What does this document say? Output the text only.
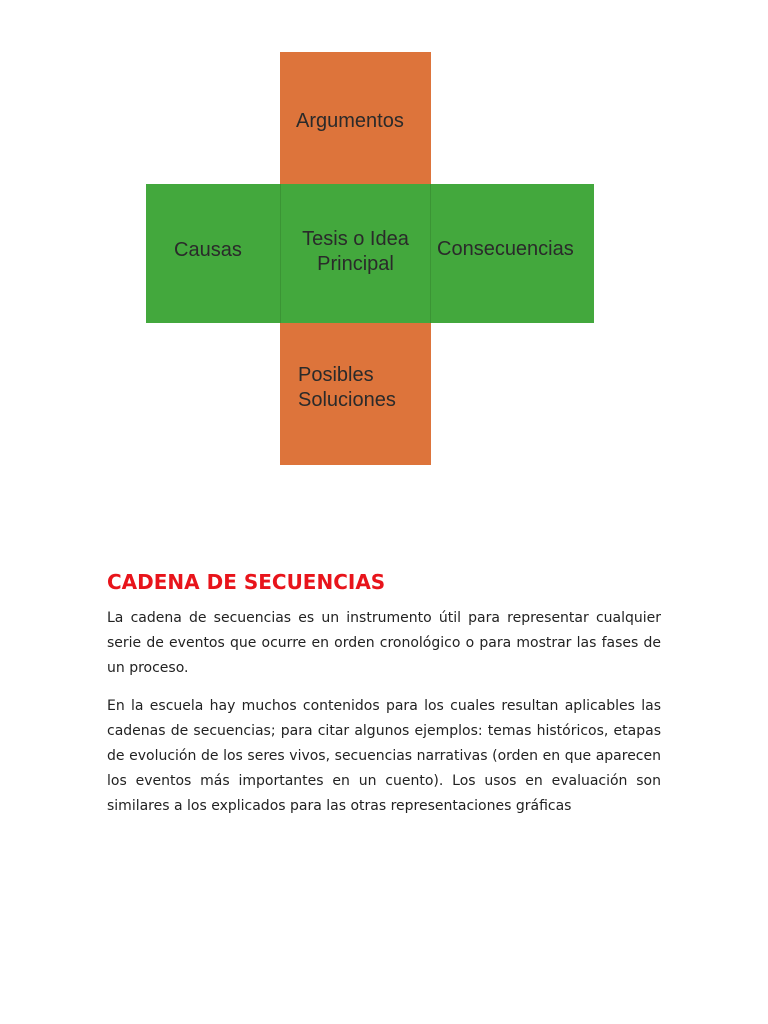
Argumentos
Causas	Tesis o Idea
Principal
Consecuencias
Posibles
Soluciones
CADENA DE SECUENCIAS

La cadena de secuencias es un instrumento útil para representar cualquier serie de eventos que ocurre en orden cronológico o para mostrar las fases de un proceso.

En la escuela hay muchos contenidos para los cuales resultan aplicables las cadenas de secuencias; para citar algunos ejemplos: temas históricos, etapas de evolución de los seres vivos, secuencias narrativas (orden en que aparecen los eventos más importantes en un cuento). Los usos en evaluación son similares a los explicados para las otras representaciones gráficas
